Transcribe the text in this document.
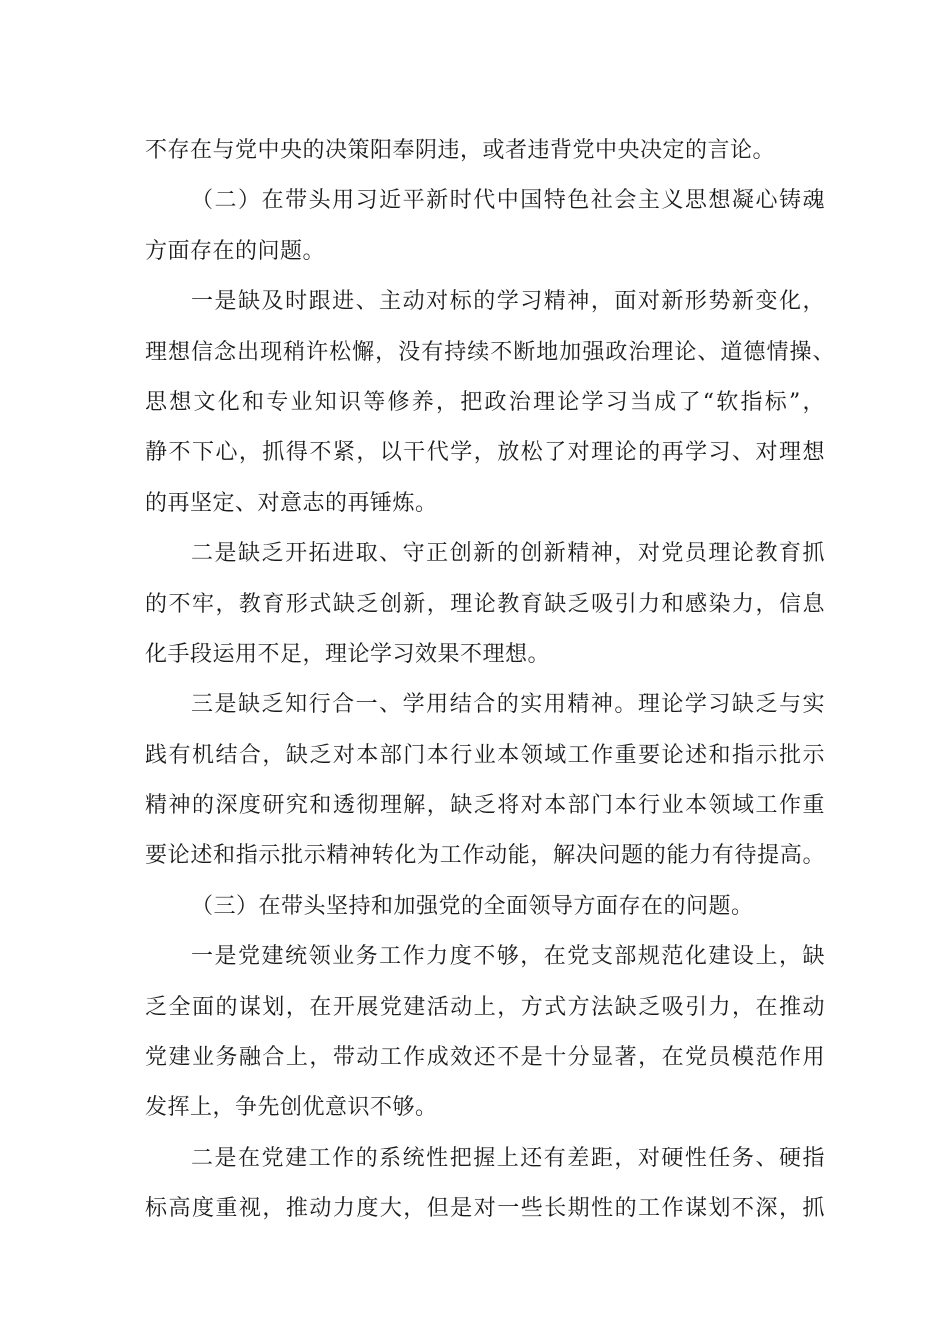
不存在与党中央的决策阳奉阴违，或者违背党中央决定的言论。
（二）在带头用习近平新时代中国特色社会主义思想凝心铸魂
方面存在的问题。
一是缺及时跟进、主动对标的学习精神，面对新形势新变化，
理想信念出现稍许松懈，没有持续不断地加强政治理论、道德情操、
思想文化和专业知识等修养，把政治理论学习当成了“软指标”，
静不下心，抓得不紧，以干代学，放松了对理论的再学习、对理想
的再坚定、对意志的再锤炼。
二是缺乏开拓进取、守正创新的创新精神，对党员理论教育抓
的不牢，教育形式缺乏创新，理论教育缺乏吸引力和感染力，信息
化手段运用不足，理论学习效果不理想。
三是缺乏知行合一、学用结合的实用精神。理论学习缺乏与实
践有机结合，缺乏对本部门本行业本领域工作重要论述和指示批示
精神的深度研究和透彻理解，缺乏将对本部门本行业本领域工作重
要论述和指示批示精神转化为工作动能，解决问题的能力有待提高。
（三）在带头坚持和加强党的全面领导方面存在的问题。
一是党建统领业务工作力度不够，在党支部规范化建设上，缺
乏全面的谋划，在开展党建活动上，方式方法缺乏吸引力，在推动
党建业务融合上，带动工作成效还不是十分显著，在党员模范作用
发挥上，争先创优意识不够。
二是在党建工作的系统性把握上还有差距，对硬性任务、硬指
标高度重视，推动力度大，但是对一些长期性的工作谋划不深，抓
